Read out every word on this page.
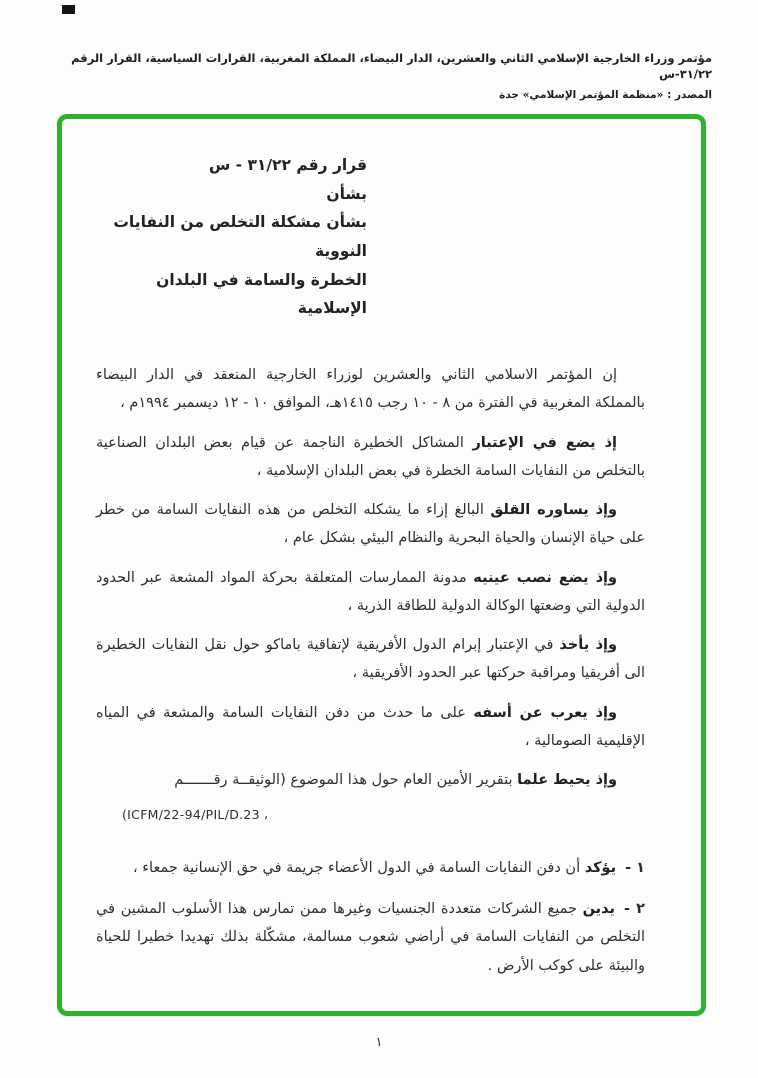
مؤتمر وزراء الخارجية الإسلامي الثاني والعشرين، الدار البيضاء، المملكة المغربية، القرارات السياسية، القرار الرقم ٣١/٢٢-س
المصدر : «منظمة المؤتمر الإسلامي» جدة
قرار رقم ٣١/٢٢ - س
بشأن
بشأن مشكلة التخلص من النفايات النووية
الخطرة والسامة في البلدان الإسلامية
إن المؤتمر الاسلامي الثاني والعشرين لوزراء الخارجية المنعقد في الدار البيضاء بالمملكة المغربية في الفترة من ٨ - ١٠ رجب ١٤١٥هـ، الموافق ١٠ - ١٢ ديسمبر ١٩٩٤م ،
إذ يضع في الإعتبار المشاكل الخطيرة الناجمة عن قيام بعض البلدان الصناعية بالتخلص من النفايات السامة الخطرة في بعض البلدان الإسلامية ،
وإذ يساوره القلق البالغ إزاء ما يشكله التخلص من هذه النفايات السامة من خطر على حياة الإنسان والحياة البحرية والنظام البيئي بشكل عام ،
وإذ يضع نصب عينيه مدونة الممارسات المتعلقة بحركة المواد المشعة عبر الحدود الدولية التي وضعتها الوكالة الدولية للطاقة الذرية ،
وإذ يأخذ في الإعتبار إبرام الدول الأفريقية لإتفاقية باماكو حول نقل النفايات الخطيرة الى أفريقيا ومراقبة حركتها عبر الحدود الأفريقية ،
وإذ يعرب عن أسفه على ما حدث من دفن النفايات السامة والمشعة في المياه الإقليمية الصومالية ،
وإذ يحيط علما بتقرير الأمين العام حول هذا الموضوع (الوثيقــة رقـــــــم
(ICFM/22-94/PIL/D.23 ،
١ -يؤكد أن دفن النفايات السامة في الدول الأعضاء جريمة في حق الإنسانية جمعاء ،
٢ -يدين جميع الشركات متعددة الجنسيات وغيرها ممن تمارس هذا الأسلوب المشين في التخلص من النفايات السامة في أراضي شعوب مسالمة، مشكّلة بذلك تهديدا خطيرا للحياة والبيئة على كوكب الأرض .
١
